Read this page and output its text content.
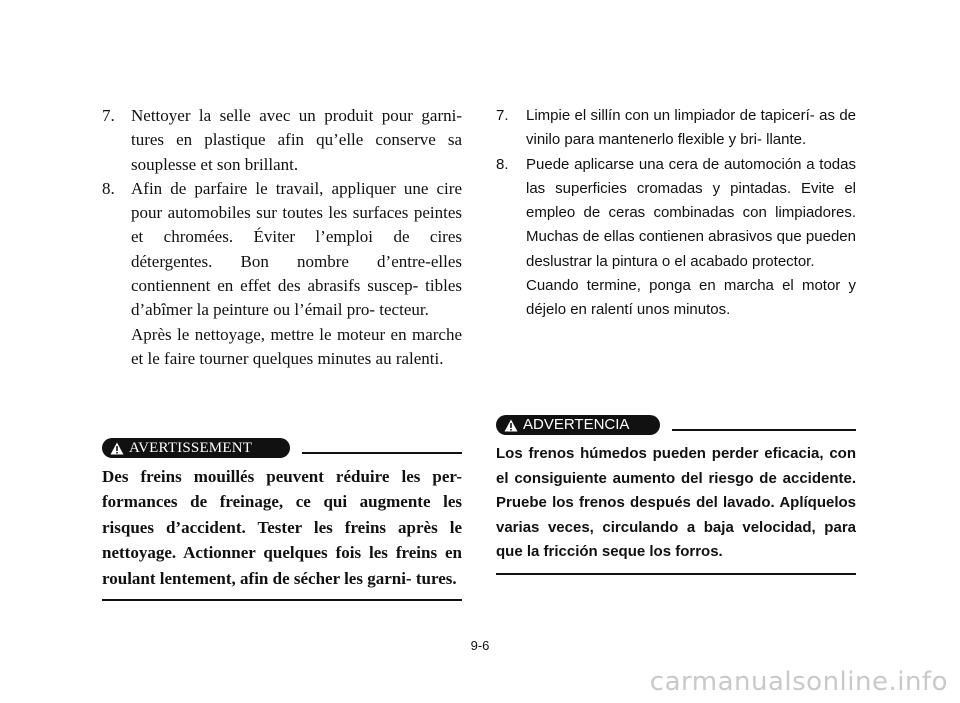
7. Nettoyer la selle avec un produit pour garni- tures en plastique afin qu’elle conserve sa souplesse et son brillant.
8. Afin de parfaire le travail, appliquer une cire pour automobiles sur toutes les surfaces peintes et chromées. Éviter l’emploi de cires détergentes. Bon nombre d’entre-elles contiennent en effet des abrasifs suscep- tibles d’abîmer la peinture ou l’émail pro- tecteur.
Après le nettoyage, mettre le moteur en marche et le faire tourner quelques minutes au ralenti.
AVERTISSEMENT
Des freins mouillés peuvent réduire les per- formances de freinage, ce qui augmente les risques d’accident. Tester les freins après le nettoyage. Actionner quelques fois les freins en roulant lentement, afin de sécher les garni- tures.
7.	Limpie el sillín con un limpiador de tapicerí- as de vinilo para mantenerlo flexible y bri- llante.
8.	Puede aplicarse una cera de automoción a todas las superficies cromadas y pintadas. Evite el empleo de ceras combinadas con limpiadores. Muchas de ellas contienen abrasivos que pueden deslustrar la pintura o el acabado protector.
Cuando termine, ponga en marcha el motor y déjelo en ralentí unos minutos.
ADVERTENCIA
Los frenos húmedos pueden perder eficacia, con el consiguiente aumento del riesgo de accidente. Pruebe los frenos después del lavado. Aplíquelos varias veces, circulando a baja velocidad, para que la fricción seque los forros.
9-6
carmanualsonline.info
